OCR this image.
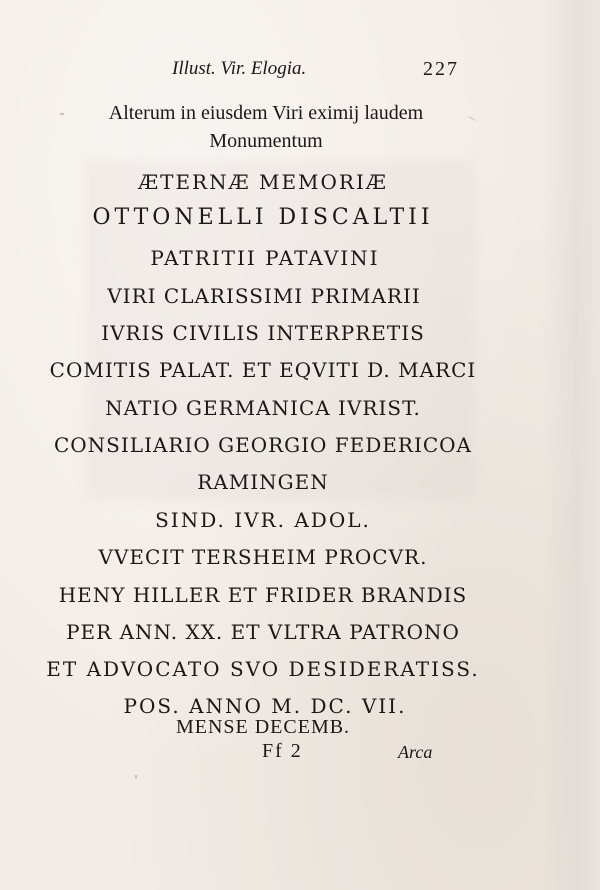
Illust. Vir. Elogia.	227
Alterum in eiusdem Viri eximij laudem
Monumentum
ÆTERNÆ MEMORIÆ
OTTONELLI DISCALTII
PATRITII PATAVINI
VIRI CLARISSIMI PRIMARII
IVRIS CIVILIS INTERPRETIS
COMITIS PALAT. ET EQVITI D. MARCI
NATIO GERMANICA IVRIST.
CONSILIARIO GEORGIO FEDERICOA
RAMINGEN
SIND. IVR. ADOL.
VVECIT TERSHEIM PROCVR.
HENY HILLER ET FRIDER BRANDIS
PER ANN. XX. ET VLTRA PATRONO
ET ADVOCATO SVO DESIDERATISS.
POS. ANNO M. DC. VII.
MENSE DECEMB.
Ff 2	Arca
